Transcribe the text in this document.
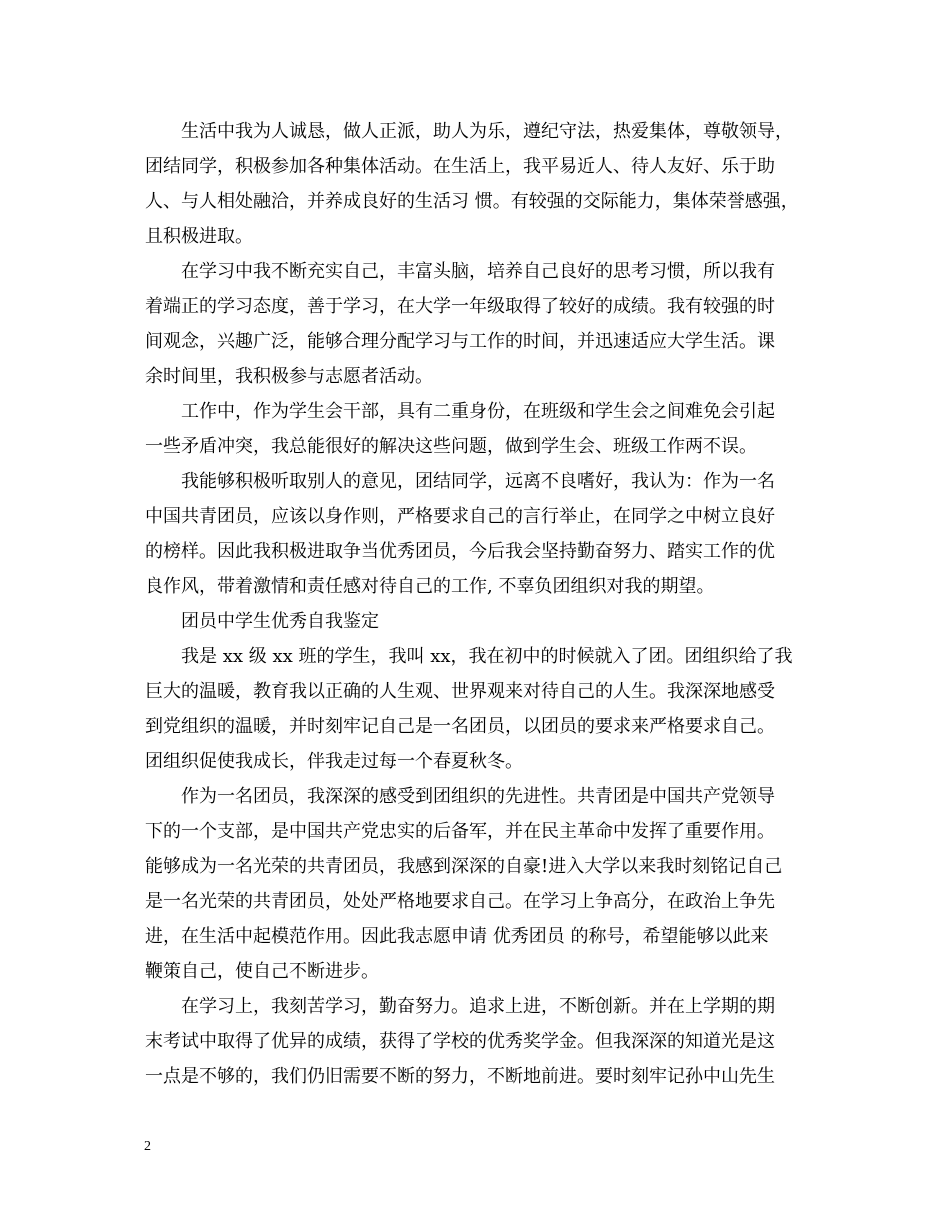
生活中我为人诚恳，做人正派，助人为乐，遵纪守法，热爱集体，尊敬领导，
团结同学，积极参加各种集体活动。在生活上，我平易近人、待人友好、乐于助
人、与人相处融洽，并养成良好的生活习 惯。有较强的交际能力，集体荣誉感强，
且积极进取。
在学习中我不断充实自己，丰富头脑，培养自己良好的思考习惯，所以我有
着端正的学习态度，善于学习，在大学一年级取得了较好的成绩。我有较强的时
间观念，兴趣广泛，能够合理分配学习与工作的时间，并迅速适应大学生活。课
余时间里，我积极参与志愿者活动。
工作中，作为学生会干部，具有二重身份，在班级和学生会之间难免会引起
一些矛盾冲突，我总能很好的解决这些问题，做到学生会、班级工作两不误。
我能够积极听取别人的意见，团结同学，远离不良嗜好，我认为：作为一名
中国共青团员，应该以身作则，严格要求自己的言行举止，在同学之中树立良好
的榜样。因此我积极进取争当优秀团员，今后我会坚持勤奋努力、踏实工作的优
良作风，带着激情和责任感对待自己的工作, 不辜负团组织对我的期望。
团员中学生优秀自我鉴定
我是 xx 级 xx 班的学生，我叫 xx，我在初中的时候就入了团。团组织给了我
巨大的温暖，教育我以正确的人生观、世界观来对待自己的人生。我深深地感受
到党组织的温暖，并时刻牢记自己是一名团员，以团员的要求来严格要求自己。
团组织促使我成长，伴我走过每一个春夏秋冬。
作为一名团员，我深深的感受到团组织的先进性。共青团是中国共产党领导
下的一个支部，是中国共产党忠实的后备军，并在民主革命中发挥了重要作用。
能够成为一名光荣的共青团员，我感到深深的自豪!进入大学以来我时刻铭记自己
是一名光荣的共青团员，处处严格地要求自己。在学习上争高分，在政治上争先
进，在生活中起模范作用。因此我志愿申请 优秀团员 的称号，希望能够以此来
鞭策自己，使自己不断进步。
在学习上，我刻苦学习，勤奋努力。追求上进，不断创新。并在上学期的期
末考试中取得了优异的成绩，获得了学校的优秀奖学金。但我深深的知道光是这
一点是不够的，我们仍旧需要不断的努力，不断地前进。要时刻牢记孙中山先生
2
